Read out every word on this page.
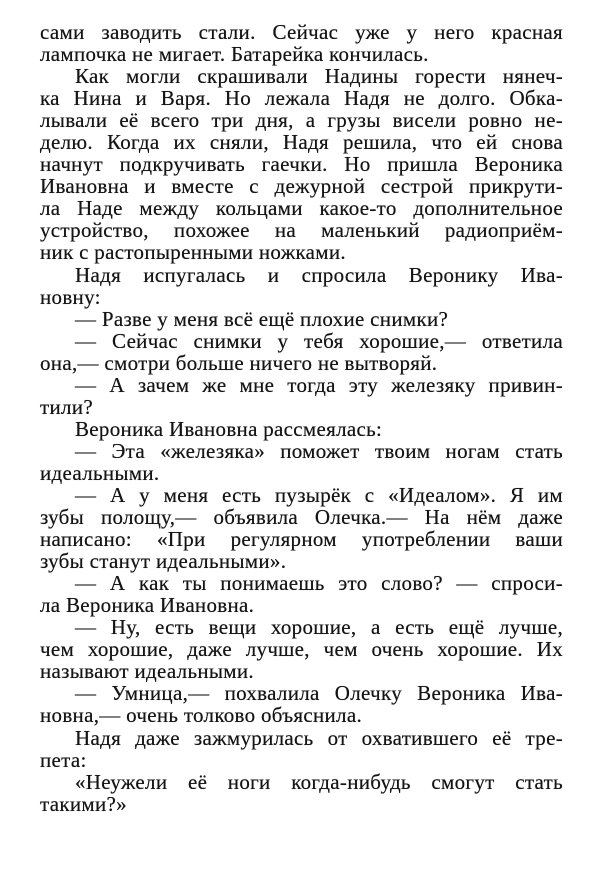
сами заводить стали. Сейчас уже у него красная
лампочка не мигает. Батарейка кончилась.
Как могли скрашивали Надины горести нянеч-
ка Нина и Варя. Но лежала Надя не долго. Обка-
лывали её всего три дня, а грузы висели ровно не-
делю. Когда их сняли, Надя решила, что ей снова
начнут подкручивать гаечки. Но пришла Вероника
Ивановна и вместе с дежурной сестрой прикрути-
ла Наде между кольцами какое-то дополнительное
устройство, похожее на маленький радиоприём-
ник с растопыренными ножками.
Надя испугалась и спросила Веронику Ива-
новну:
— Разве у меня всё ещё плохие снимки?
— Сейчас снимки у тебя хорошие,— ответила
она,— смотри больше ничего не вытворяй.
— А зачем же мне тогда эту железяку привин-
тили?
Вероника Ивановна рассмеялась:
— Эта «железяка» поможет твоим ногам стать
идеальными.
— А у меня есть пузырёк с «Идеалом». Я им
зубы полощу,— объявила Олечка.— На нём даже
написано: «При регулярном употреблении ваши
зубы станут идеальными».
— А как ты понимаешь это слово? — спроси-
ла Вероника Ивановна.
— Ну, есть вещи хорошие, а есть ещё лучше,
чем хорошие, даже лучше, чем очень хорошие. Их
называют идеальными.
— Умница,— похвалила Олечку Вероника Ива-
новна,— очень толково объяснила.
Надя даже зажмурилась от охватившего её тре-
пета:
«Неужели её ноги когда-нибудь смогут стать
такими?»
